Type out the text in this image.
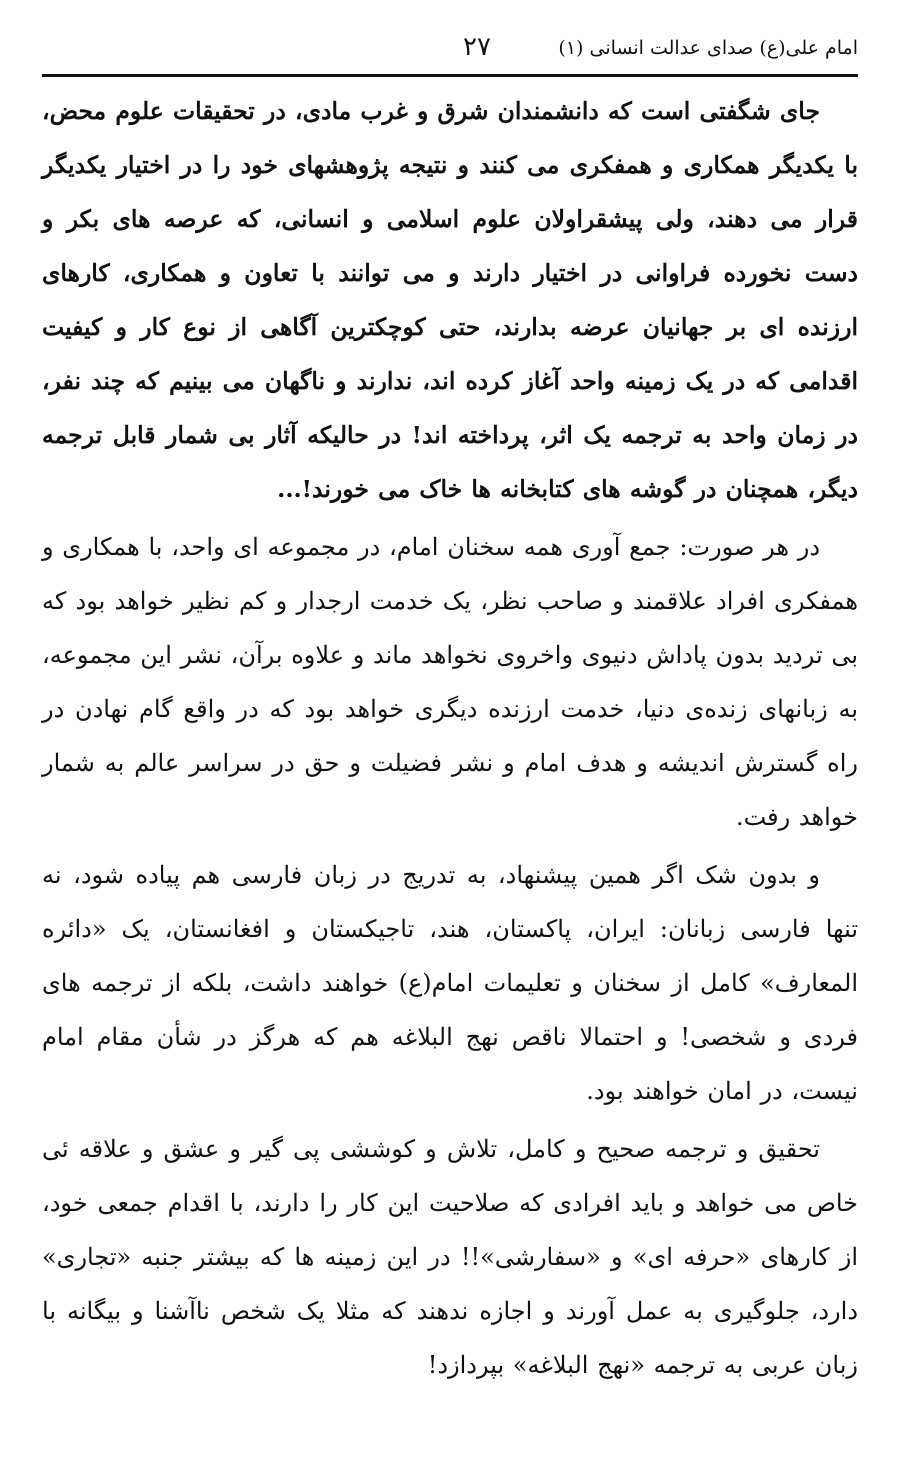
امام علی(ع) صدای عدالت انسانی (۱)
۲۷

جای شگفتی است که دانشمندان شرق و غرب مادی، در تحقیقات علوم محض، با یکدیگر همکاری و همفکری می کنند و نتیجه پژوهشهای خود را در اختیار یکدیگر قرار می دهند، ولی پیشقراولان علوم اسلامی و انسانی، که عرصه های بکر و دست نخورده فراوانی در اختیار دارند و می توانند با تعاون و همکاری، کارهای ارزنده ای بر جهانیان عرضه بدارند، حتی کوچکترین آگاهی از نوع کار و کیفیت اقدامی که در یک زمینه واحد آغاز کرده اند، ندارند و ناگهان می بینیم که چند نفر، در زمان واحد به ترجمه یک اثر، پرداخته اند! در حالیکه آثار بی شمار قابل ترجمه دیگر، همچنان در گوشه های کتابخانه ها خاک می خورند!...

در هر صورت: جمع آوری همه سخنان امام، در مجموعه ای واحد، با همکاری و همفکری افراد علاقمند و صاحب نظر، یک خدمت ارجدار و کم نظیر خواهد بود که بی تردید بدون پاداش دنیوی واخروی نخواهد ماند و علاوه برآن، نشر این مجموعه، به زبانهای زنده‌ی دنیا، خدمت ارزنده دیگری خواهد بود که در واقع گام نهادن در راه گسترش اندیشه و هدف امام و نشر فضیلت و حق در سراسر عالم به شمار خواهد رفت.

و بدون شک اگر همین پیشنهاد، به تدریج در زبان فارسی هم پیاده شود، نه تنها فارسی زبانان: ایران، پاکستان، هند، تاجیکستان و افغانستان، یک «دائره المعارف» کامل از سخنان و تعلیمات امام(ع) خواهند داشت، بلکه از ترجمه های فردی و شخصی! و احتمالا ناقص نهج البلاغه هم که هرگز در شأن مقام امام نیست، در امان خواهند بود.

تحقیق و ترجمه صحیح و کامل، تلاش و کوششی پی گیر و عشق و علاقه ئی خاص می خواهد و باید افرادی که صلاحیت این کار را دارند، با اقدام جمعی خود، از کارهای «حرفه ای» و «سفارشی»!! در این زمینه ها که بیشتر جنبه «تجاری» دارد، جلوگیری به عمل آورند و اجازه ندهند که مثلا یک شخص ناآشنا و بیگانه با زبان عربی به ترجمه «نهج البلاغه» بپردازد!
